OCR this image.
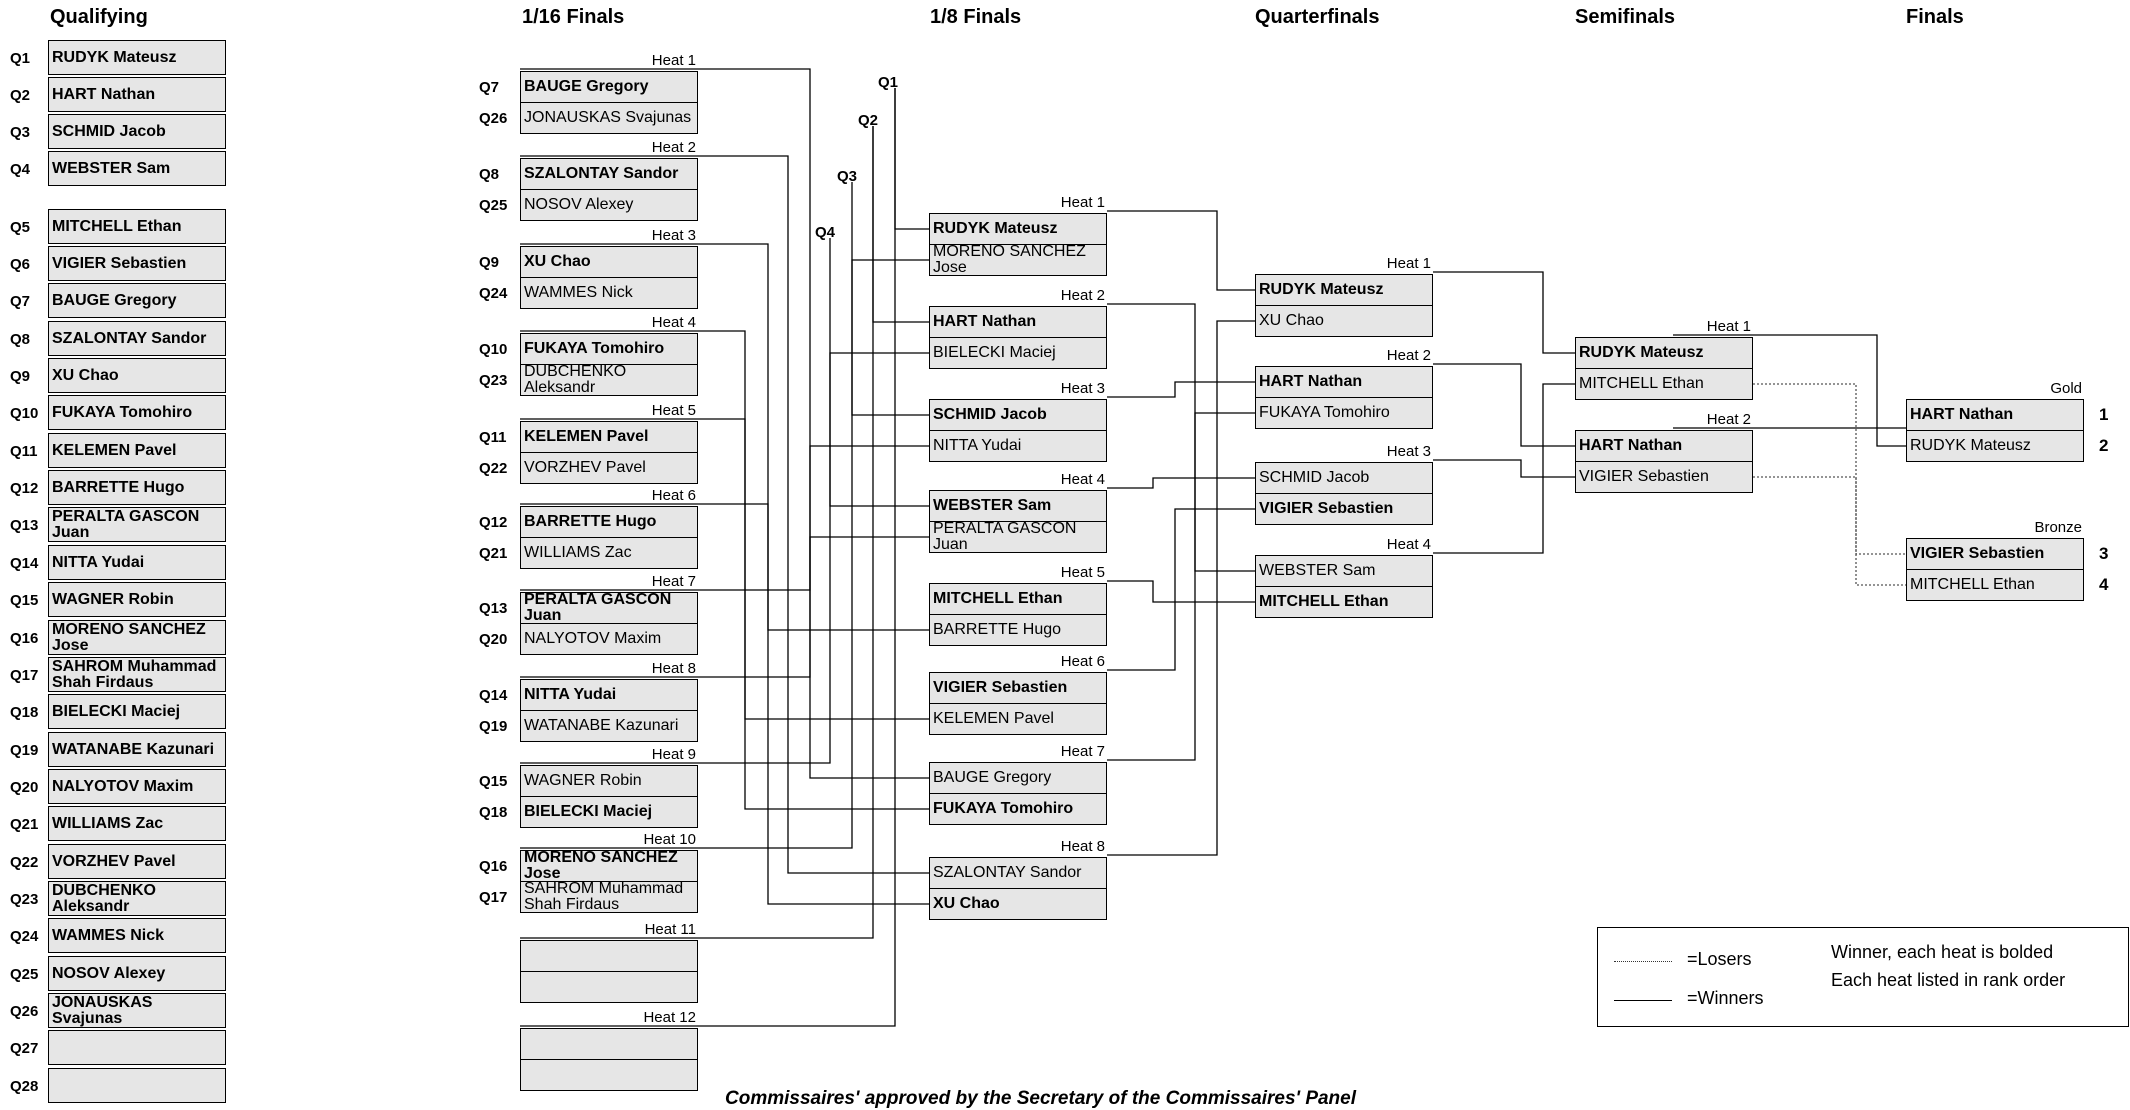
Qualifying	1/16 Finals	1/8 Finals	Quarterfinals	Semifinals	Finals
Q1 RUDYK Mateusz
Q2 HART Nathan
Q3 SCHMID Jacob
Q4 WEBSTER Sam
Q5 MITCHELL Ethan
Q6 VIGIER Sebastien
Q7 BAUGE Gregory
Q8 SZALONTAY Sandor
Q9 XU Chao
Q10 FUKAYA Tomohiro
Q11 KELEMEN Pavel
Q12 BARRETTE Hugo
Q13
PERALTA GASCON Juan
Q14 NITTA Yudai
Q15 WAGNER Robin
Q16
MORENO SANCHEZ Jose
Q17
SAHROM Muhammad Shah Firdaus
Q18 BIELECKI Maciej
Q19 WATANABE Kazunari
Q20 NALYOTOV Maxim
Q21 WILLIAMS Zac
Q22 VORZHEV Pavel
Q23
DUBCHENKO Aleksandr
Q24 WAMMES Nick
Q25 NOSOV Alexey
Q26
JONAUSKAS Svajunas
Q27
Q28
Heat 1
Q7 BAUGE Gregory
Q26 JONAUSKAS Svajunas
Heat 2
Q8 SZALONTAY Sandor
Q25 NOSOV Alexey
Heat 3
Q9 XU Chao
Q24 WAMMES Nick
Heat 4
Q10 FUKAYA Tomohiro
Q23
DUBCHENKO Aleksandr
Heat 5
Q11 KELEMEN Pavel
Q22 VORZHEV Pavel
Heat 6
Q12 BARRETTE Hugo
Q21 WILLIAMS Zac
Heat 7
Q13
PERALTA GASCON Juan
Q20 NALYOTOV Maxim
Heat 8
Q14 NITTA Yudai
Q19 WATANABE Kazunari
Heat 9
Q15 WAGNER Robin
Q18 BIELECKI Maciej
Heat 10
Q16
MORENO SANCHEZ Jose
Q17
SAHROM Muhammad Shah Firdaus
Heat 11
Heat 12
Q1
Q2
Q3
Q4
Heat 1
RUDYK Mateusz
MORENO SANCHEZ Jose
Heat 2
HART Nathan
BIELECKI Maciej
Heat 3
SCHMID Jacob
NITTA Yudai
Heat 4
WEBSTER Sam
PERALTA GASCON Juan
Heat 5
MITCHELL Ethan
BARRETTE Hugo
Heat 6
VIGIER Sebastien
KELEMEN Pavel
Heat 7
BAUGE Gregory
FUKAYA Tomohiro
Heat 8
SZALONTAY Sandor
XU Chao
Heat 1
RUDYK Mateusz
XU Chao
Heat 2
HART Nathan
FUKAYA Tomohiro
Heat 3
SCHMID Jacob
VIGIER Sebastien
Heat 4
WEBSTER Sam
MITCHELL Ethan
Heat 1
RUDYK Mateusz
MITCHELL Ethan
Heat 2
HART Nathan
VIGIER Sebastien
Gold
HART Nathan	1
RUDYK Mateusz	2
Bronze
VIGIER Sebastien	3
MITCHELL Ethan	4
=Losers
=Winners
Winner, each heat is bolded
Each heat listed in rank order
Commissaires' approved by the Secretary of the Commissaires' Panel
